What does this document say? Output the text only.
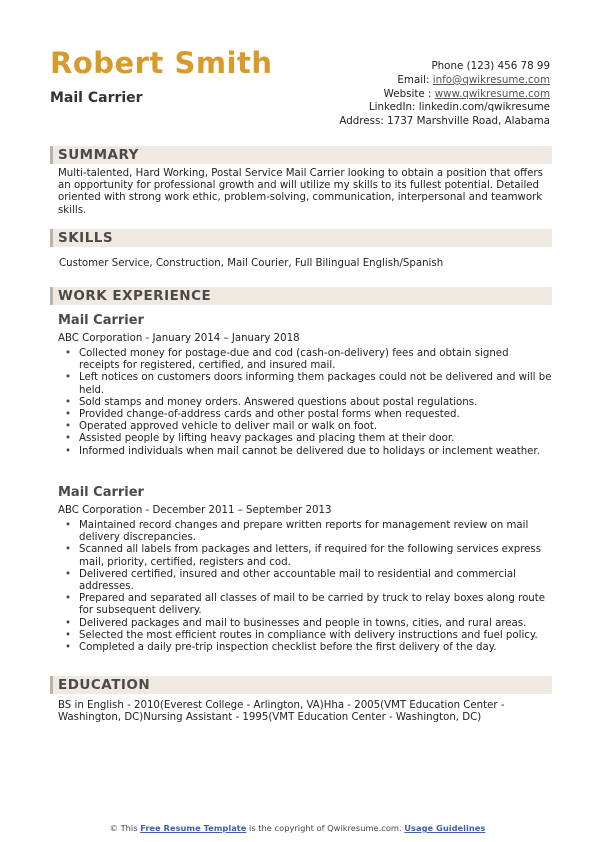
Robert Smith
Mail Carrier
Phone (123) 456 78 99
Email: info@qwikresume.com
Website : www.qwikresume.com
LinkedIn: linkedin.com/qwikresume
Address: 1737 Marshville Road, Alabama
SUMMARY
Multi-talented, Hard Working, Postal Service Mail Carrier looking to obtain a position that offers an opportunity for professional growth and will utilize my skills to its fullest potential. Detailed oriented with strong work ethic, problem-solving, communication, interpersonal and teamwork skills.
SKILLS
Customer Service, Construction, Mail Courier, Full Bilingual English/Spanish
WORK EXPERIENCE
Mail Carrier
ABC Corporation - January 2014 – January 2018
• Collected money for postage-due and cod (cash-on-delivery) fees and obtain signed receipts for registered, certified, and insured mail.
• Left notices on customers doors informing them packages could not be delivered and will be held.
• Sold stamps and money orders. Answered questions about postal regulations.
• Provided change-of-address cards and other postal forms when requested.
• Operated approved vehicle to deliver mail or walk on foot.
• Assisted people by lifting heavy packages and placing them at their door.
• Informed individuals when mail cannot be delivered due to holidays or inclement weather.
Mail Carrier
ABC Corporation - December 2011 – September 2013
• Maintained record changes and prepare written reports for management review on mail delivery discrepancies.
• Scanned all labels from packages and letters, if required for the following services express mail, priority, certified, registers and cod.
• Delivered certified, insured and other accountable mail to residential and commercial addresses.
• Prepared and separated all classes of mail to be carried by truck to relay boxes along route for subsequent delivery.
• Delivered packages and mail to businesses and people in towns, cities, and rural areas.
• Selected the most efficient routes in compliance with delivery instructions and fuel policy.
• Completed a daily pre-trip inspection checklist before the first delivery of the day.
EDUCATION
BS in English - 2010(Everest College - Arlington, VA)Hha - 2005(VMT Education Center - Washington, DC)Nursing Assistant - 1995(VMT Education Center - Washington, DC)
© This Free Resume Template is the copyright of Qwikresume.com. Usage Guidelines
